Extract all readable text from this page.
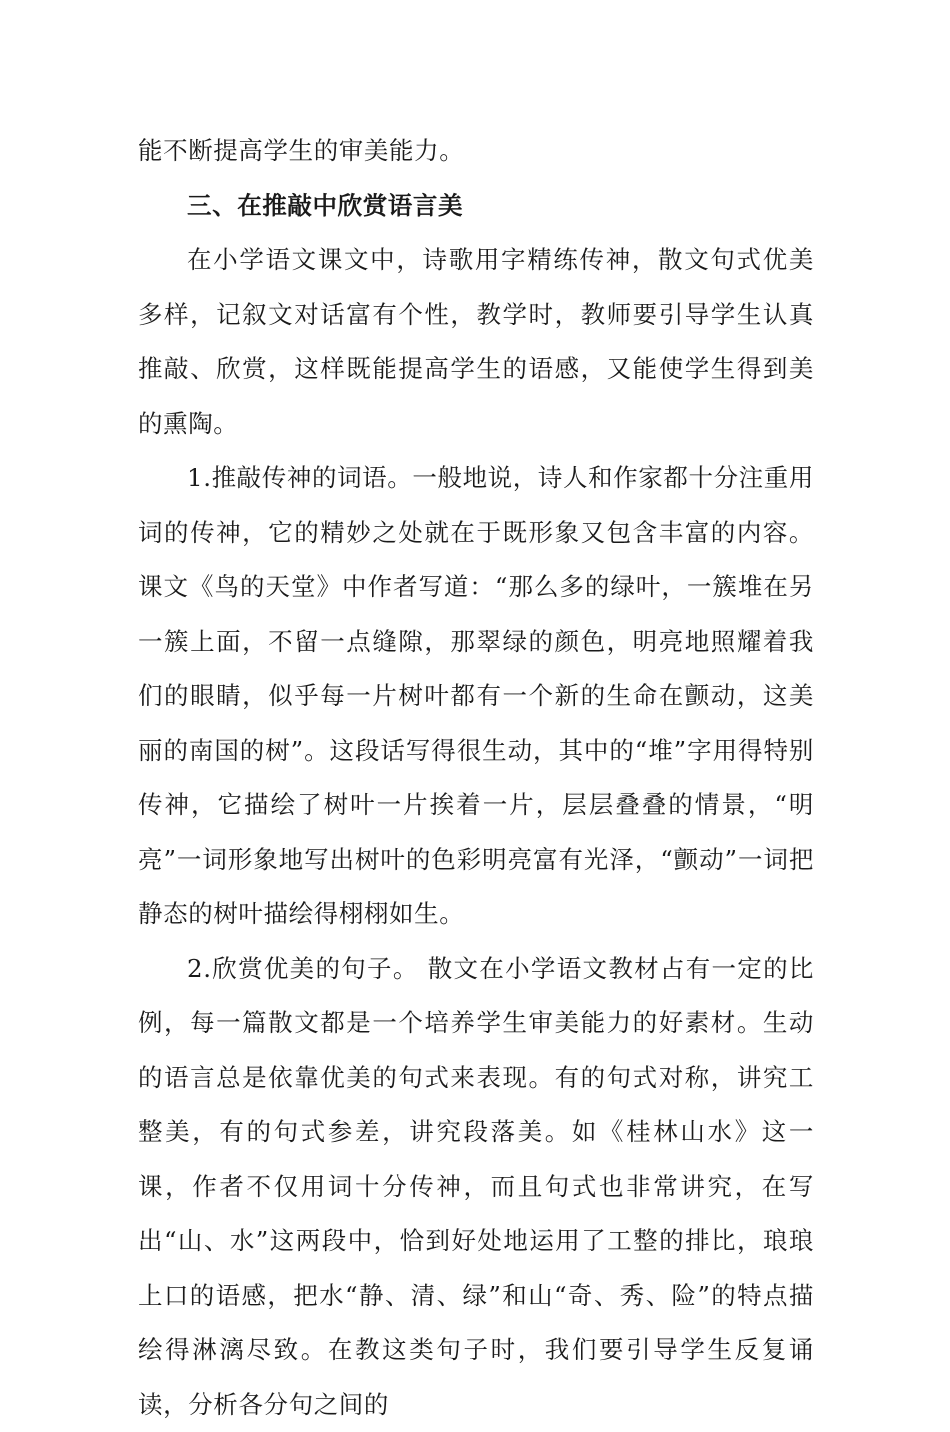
能不断提高学生的审美能力。

三、在推敲中欣赏语言美

在小学语文课文中，诗歌用字精练传神，散文句式优美多样，记叙文对话富有个性，教学时，教师要引导学生认真推敲、欣赏，这样既能提高学生的语感，又能使学生得到美的熏陶。

1.推敲传神的词语。一般地说，诗人和作家都十分注重用词的传神，它的精妙之处就在于既形象又包含丰富的内容。课文《鸟的天堂》中作者写道：“那么多的绿叶，一簇堆在另一簇上面，不留一点缝隙，那翠绿的颜色，明亮地照耀着我们的眼睛，似乎每一片树叶都有一个新的生命在颤动，这美丽的南国的树”。这段话写得很生动，其中的“堆”字用得特别传神，它描绘了树叶一片挨着一片，层层叠叠的情景，“明亮”一词形象地写出树叶的色彩明亮富有光泽，“颤动”一词把静态的树叶描绘得栩栩如生。

2.欣赏优美的句子。 散文在小学语文教材占有一定的比例，每一篇散文都是一个培养学生审美能力的好素材。生动的语言总是依靠优美的句式来表现。有的句式对称，讲究工整美，有的句式参差，讲究段落美。如《桂林山水》这一课，作者不仅用词十分传神，而且句式也非常讲究，在写出“山、水”这两段中，恰到好处地运用了工整的排比，琅琅上口的语感，把水“静、清、绿”和山“奇、秀、险”的特点描绘得淋漓尽致。在教这类句子时，我们要引导学生反复诵读，分析各分句之间的
